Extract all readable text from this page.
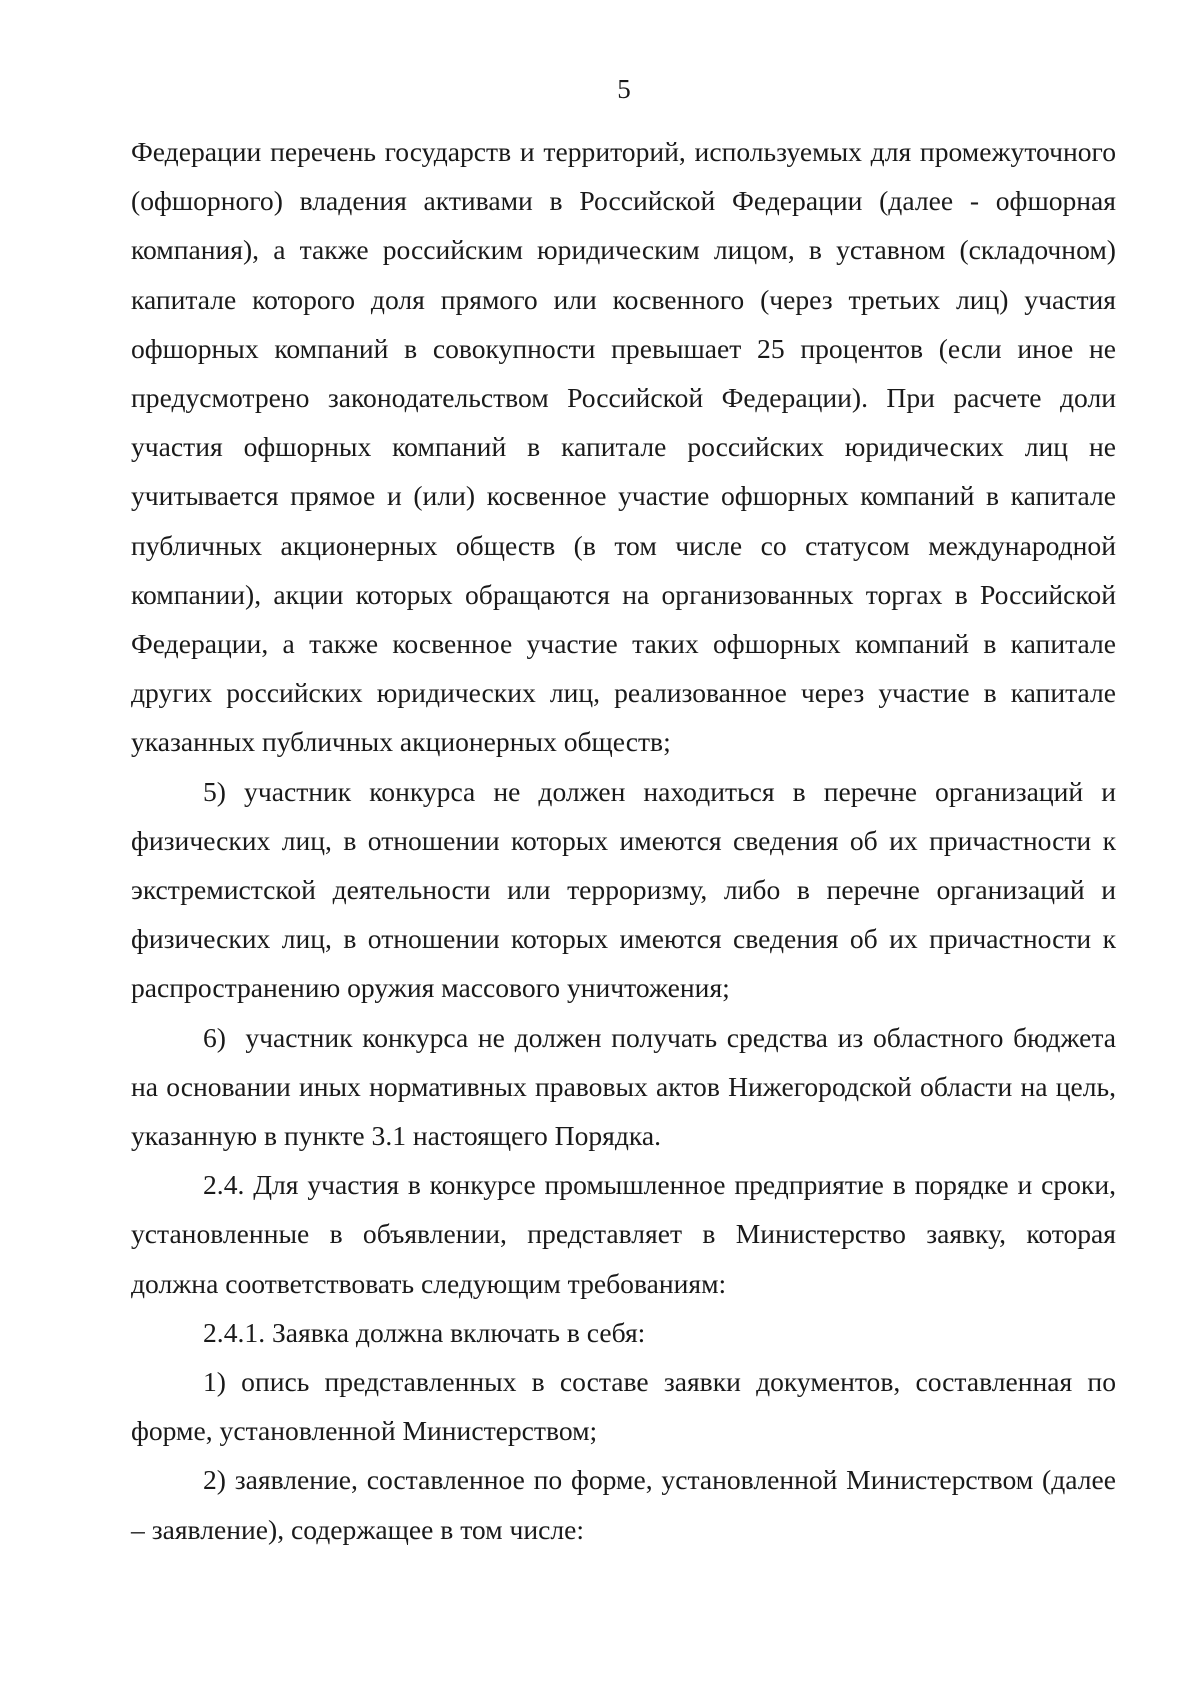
5

Федерации перечень государств и территорий, используемых для промежуточного (офшорного) владения активами в Российской Федерации (далее - офшорная компания), а также российским юридическим лицом, в уставном (складочном) капитале которого доля прямого или косвенного (через третьих лиц) участия офшорных компаний в совокупности превышает 25 процентов (если иное не предусмотрено законодательством Российской Федерации). При расчете доли участия офшорных компаний в капитале российских юридических лиц не учитывается прямое и (или) косвенное участие офшорных компаний в капитале публичных акционерных обществ (в том числе со статусом международной компании), акции которых обращаются на организованных торгах в Российской Федерации, а также косвенное участие таких офшорных компаний в капитале других российских юридических лиц, реализованное через участие в капитале указанных публичных акционерных обществ;

5) участник конкурса не должен находиться в перечне организаций и физических лиц, в отношении которых имеются сведения об их причастности к экстремистской деятельности или терроризму, либо в перечне организаций и физических лиц, в отношении которых имеются сведения об их причастности к распространению оружия массового уничтожения;

6)  участник конкурса не должен получать средства из областного бюджета на основании иных нормативных правовых актов Нижегородской области на цель, указанную в пункте 3.1 настоящего Порядка.

2.4. Для участия в конкурсе промышленное предприятие в порядке и сроки, установленные в объявлении, представляет в Министерство заявку, которая должна соответствовать следующим требованиям:

2.4.1. Заявка должна включать в себя:

1) опись представленных в составе заявки документов, составленная по форме, установленной Министерством;

2) заявление, составленное по форме, установленной Министерством (далее – заявление), содержащее в том числе:
